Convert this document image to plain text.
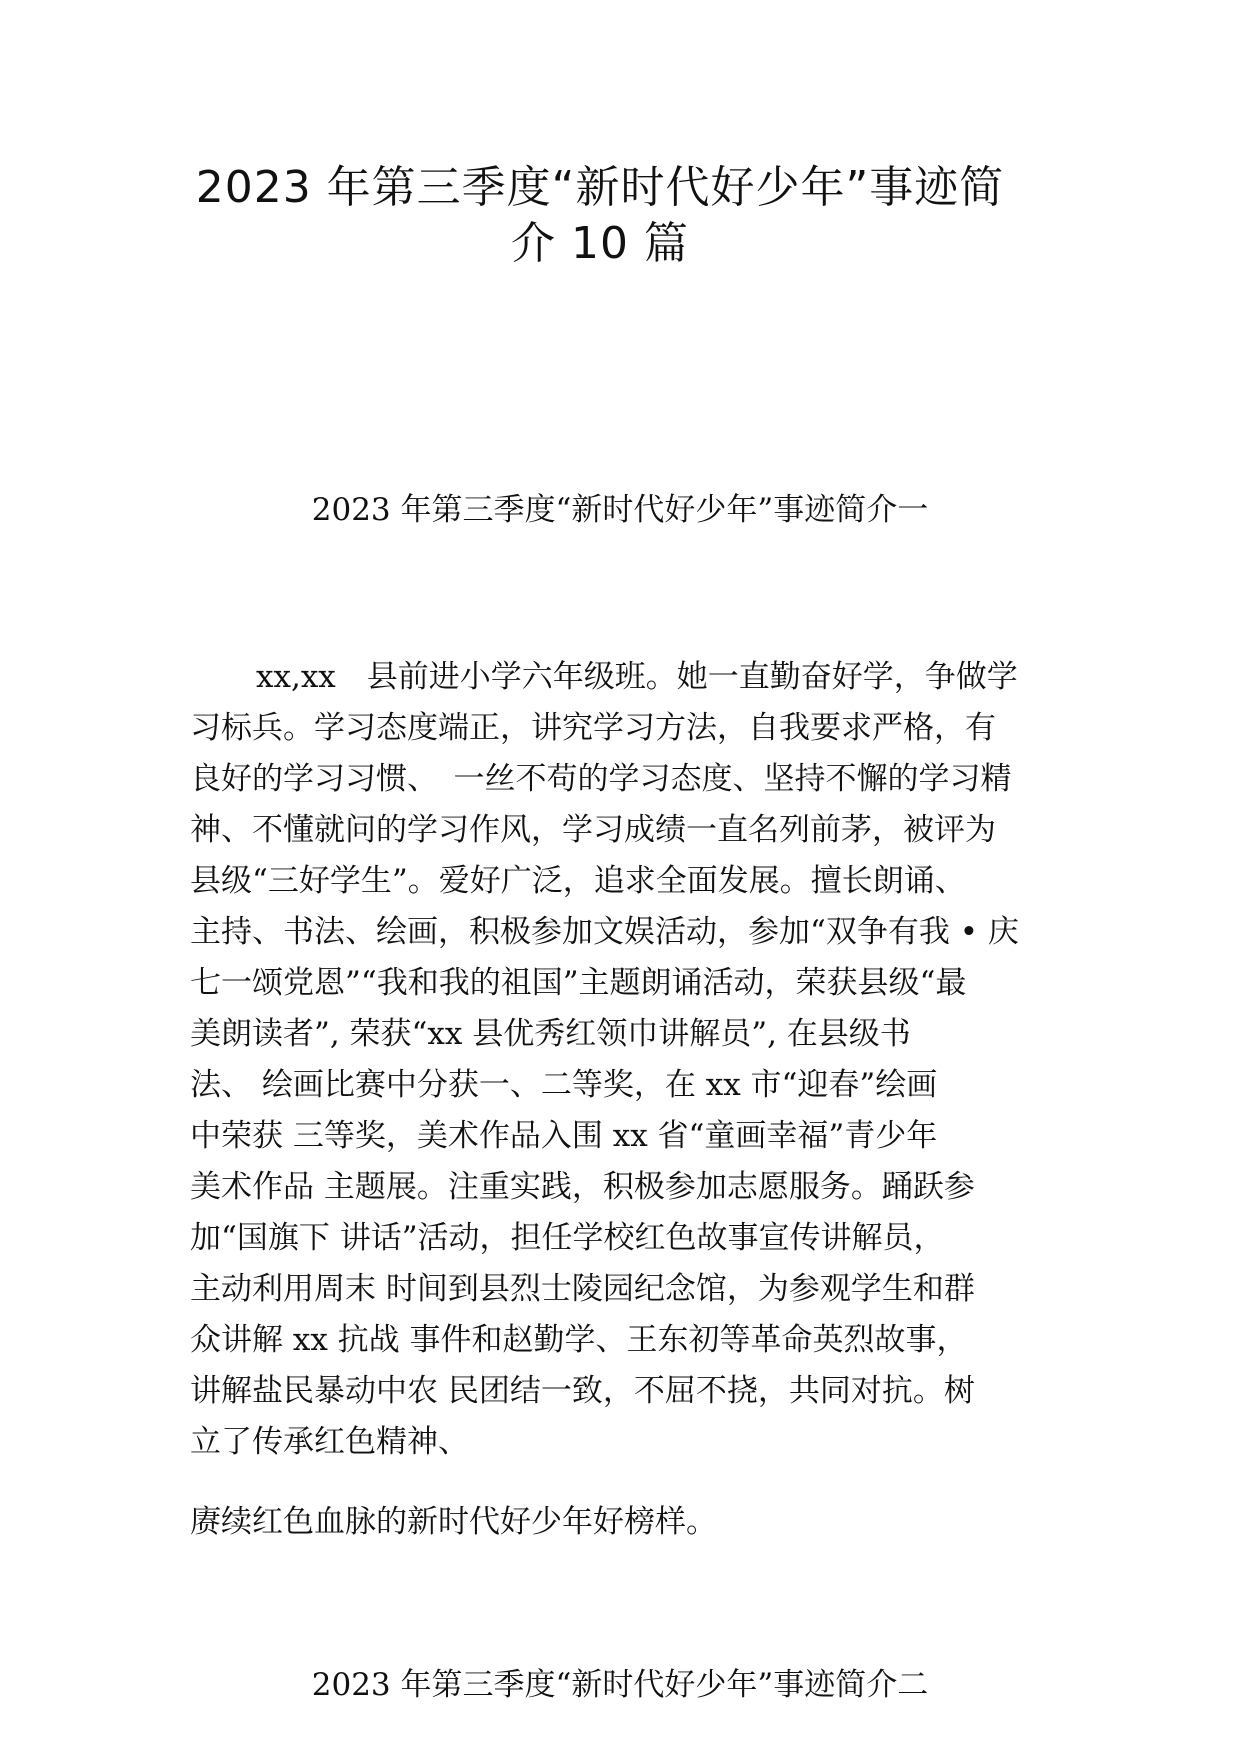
2023 年第三季度“新时代好少年”事迹简
介 10 篇
2023 年第三季度“新时代好少年”事迹简介一
xx,xx　县前进小学六年级班。她一直勤奋好学，争做学
习标兵。学习态度端正，讲究学习方法，自我要求严格，有
良好的学习习惯、　一丝不苟的学习态度、坚持不懈的学习精
神、不懂就问的学习作风，学习成绩一直名列前茅，被评为
县级“三好学生”。爱好广泛，追求全面发展。擅长朗诵、
主持、书法、绘画，积极参加文娱活动，参加“双争有我 • 庆
七一颂党恩”“我和我的祖国”主题朗诵活动，荣获县级“最
美朗读者”, 荣获“xx 县优秀红领巾讲解员”, 在县级书
法、 绘画比赛中分获一、二等奖，在 xx 市“迎春”绘画
中荣获 三等奖，美术作品入围 xx 省“童画幸福”青少年
美术作品 主题展。注重实践，积极参加志愿服务。踊跃参
加“国旗下 讲话”活动，担任学校红色故事宣传讲解员，
主动利用周末 时间到县烈士陵园纪念馆，为参观学生和群
众讲解 xx 抗战 事件和赵勤学、王东初等革命英烈故事，
讲解盐民暴动中农 民团结一致，不屈不挠，共同对抗。树
立了传承红色精神、

赓续红色血脉的新时代好少年好榜样。

2023 年第三季度“新时代好少年”事迹简介二
